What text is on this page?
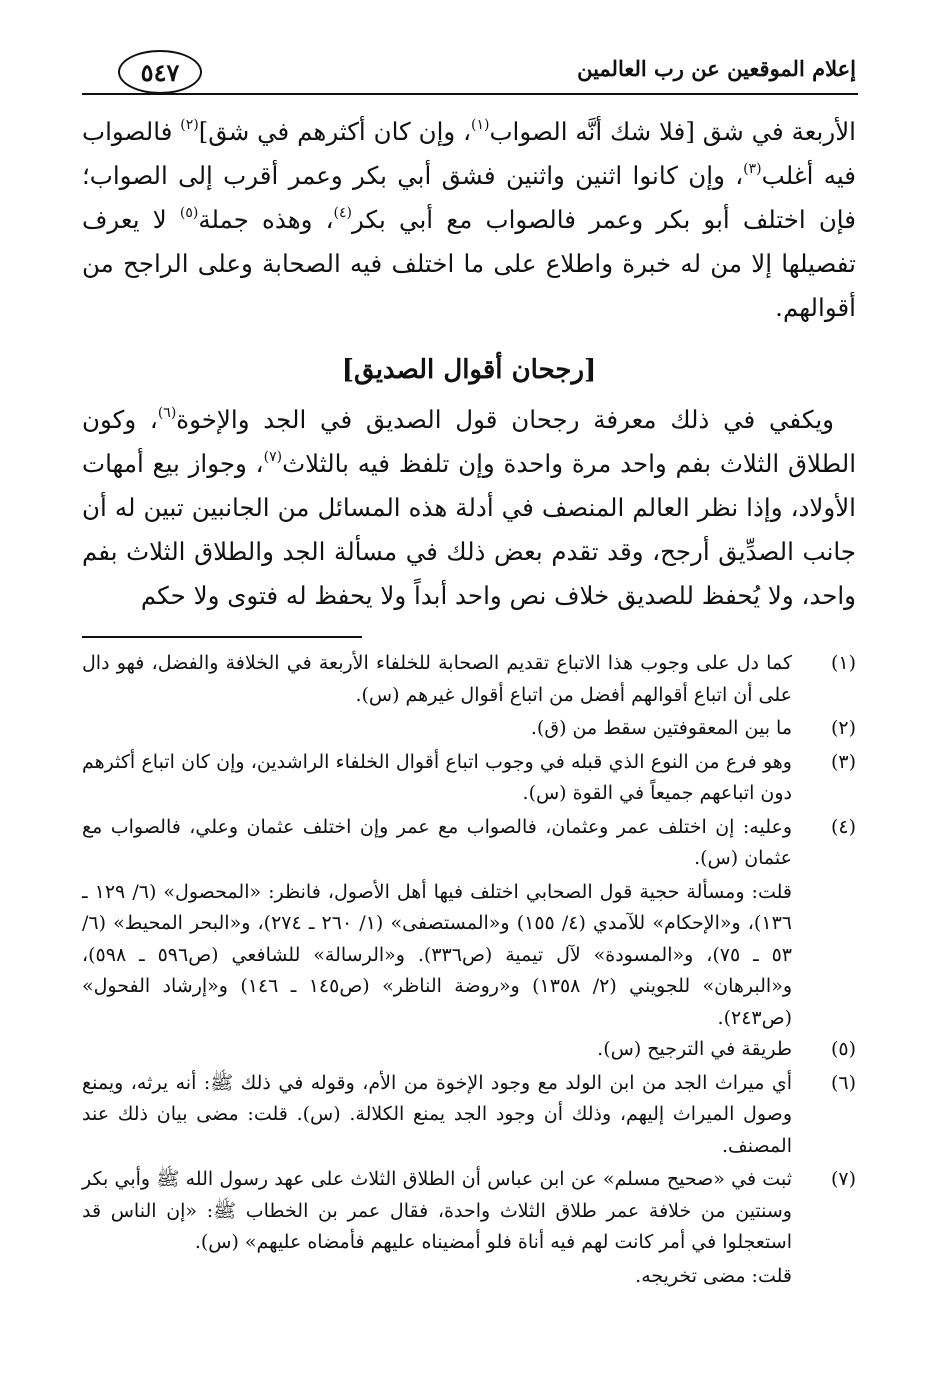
إعلام الموقعين عن رب العالمين
٥٤٧

الأربعة في شق [فلا شك أنَّه الصواب$^{(١)}$، وإن كان أكثرهم في شق]$^{(٢)}$ فالصواب فيه أغلب$^{(٣)}$، وإن كانوا اثنين واثنين فشق أبي بكر وعمر أقرب إلى الصواب؛ فإن اختلف أبو بكر وعمر فالصواب مع أبي بكر$^{(٤)}$، وهذه جملة$^{(٥)}$ لا يعرف تفصيلها إلا من له خبرة واطلاع على ما اختلف فيه الصحابة وعلى الراجح من أقوالهم.

[رجحان أقوال الصديق]

ويكفي في ذلك معرفة رجحان قول الصديق في الجد والإخوة$^{(٦)}$، وكون الطلاق الثلاث بفم واحد مرة واحدة وإن تلفظ فيه بالثلاث$^{(٧)}$، وجواز بيع أمهات الأولاد، وإذا نظر العالم المنصف في أدلة هذه المسائل من الجانبين تبين له أن جانب الصدِّيق أرجح، وقد تقدم بعض ذلك في مسألة الجد والطلاق الثلاث بفم واحد، ولا يُحفظ للصديق خلاف نص واحد أبداً ولا يحفظ له فتوى ولا حكم

(١)
كما دل على وجوب هذا الاتباع تقديم الصحابة للخلفاء الأربعة في الخلافة والفضل، فهو دال على أن اتباع أقوالهم أفضل من اتباع أقوال غيرهم (س).
(٢)
ما بين المعقوفتين سقط من (ق).
(٣)
وهو فرع من النوع الذي قبله في وجوب اتباع أقوال الخلفاء الراشدين، وإن كان اتباع أكثرهم دون اتباعهم جميعاً في القوة (س).
(٤)
وعليه: إن اختلف عمر وعثمان، فالصواب مع عمر وإن اختلف عثمان وعلي، فالصواب مع عثمان (س).
قلت: ومسألة حجية قول الصحابي اختلف فيها أهل الأصول، فانظر: «المحصول» (٦/ ١٢٩ ـ ١٣٦)، و«الإحكام» للآمدي (٤/ ١٥٥) و«المستصفى» (١/ ٢٦٠ ـ ٢٧٤)، و«البحر المحيط» (٦/ ٥٣ ـ ٧٥)، و«المسودة» لآل تيمية (ص٣٣٦). و«الرسالة» للشافعي (ص٥٩٦ ـ ٥٩٨)، و«البرهان» للجويني (٢/ ١٣٥٨) و«روضة الناظر» (ص١٤٥ ـ ١٤٦) و«إرشاد الفحول» (ص٢٤٣).
(٥)
طريقة في الترجيح (س).
(٦)
أي ميراث الجد من ابن الولد مع وجود الإخوة من الأم، وقوله في ذلك ﷺ: أنه يرثه، ويمنع وصول الميراث إليهم، وذلك أن وجود الجد يمنع الكلالة. (س). قلت: مضى بيان ذلك عند المصنف.
(٧)
ثبت في «صحيح مسلم» عن ابن عباس أن الطلاق الثلاث على عهد رسول الله ﷺ وأبي بكر وسنتين من خلافة عمر طلاق الثلاث واحدة، فقال عمر بن الخطاب ﷺ: «إن الناس قد استعجلوا في أمر كانت لهم فيه أناة فلو أمضيناه عليهم فأمضاه عليهم» (س).
قلت: مضى تخريجه.
